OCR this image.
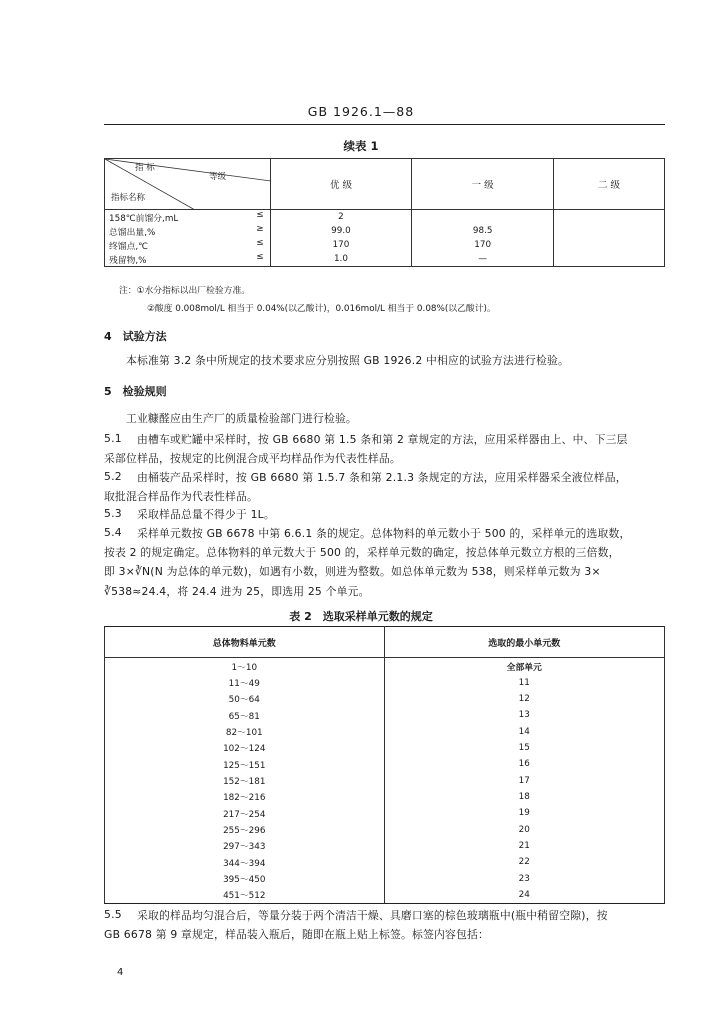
GB 1926.1—88
续表 1
指 标
等级
指标名称	优 级	一 级	二 级
158℃前馏分,mL ≤	2		
总馏出量,% ≥	99.0	98.5	
终馏点,℃ ≤	170	170	
残留物,% ≤	1.0	—	
注：①水分指标以出厂检验方准。
②酸度 0.008mol/L 相当于 0.04%(以乙酸计)，0.016mol/L 相当于 0.08%(以乙酸计)。
4　试验方法
本标准第 3.2 条中所规定的技术要求应分别按照 GB 1926.2 中相应的试验方法进行检验。
5　检验规则
工业糠醛应由生产厂的质量检验部门进行检验。
5.1 由槽车或贮罐中采样时，按 GB 6680 第 1.5 条和第 2 章规定的方法，应用采样器由上、中、下三层
采部位样品，按规定的比例混合成平均样品作为代表性样品。
5.2 由桶装产品采样时，按 GB 6680 第 1.5.7 条和第 2.1.3 条规定的方法，应用采样器采全液位样品，
取批混合样品作为代表性样品。
5.3 采取样品总量不得少于 1L。
5.4 采样单元数按 GB 6678 中第 6.6.1 条的规定。总体物料的单元数小于 500 的，采样单元的选取数，
按表 2 的规定确定。总体物料的单元数大于 500 的，采样单元数的确定，按总体单元数立方根的三倍数，
即 3×∛N(N 为总体的单元数)，如遇有小数，则进为整数。如总体单元数为 538，则采样单元数为 3×
∛538≈24.4，将 24.4 进为 25，即选用 25 个单元。
表 2　选取采样单元数的规定
总体物料单元数	选取的最小单元数
1～10	全部单元
11～49	11
50～64	12
65～81	13
82～101	14
102～124	15
125～151	16
152～181	17
182～216	18
217～254	19
255～296	20
297～343	21
344～394	22
395～450	23
451～512	24
5.5 采取的样品均匀混合后，等量分装于两个清洁干燥、具磨口塞的棕色玻璃瓶中(瓶中稍留空隙)，按
GB 6678 第 9 章规定，样品装入瓶后，随即在瓶上贴上标签。标签内容包括：
4
